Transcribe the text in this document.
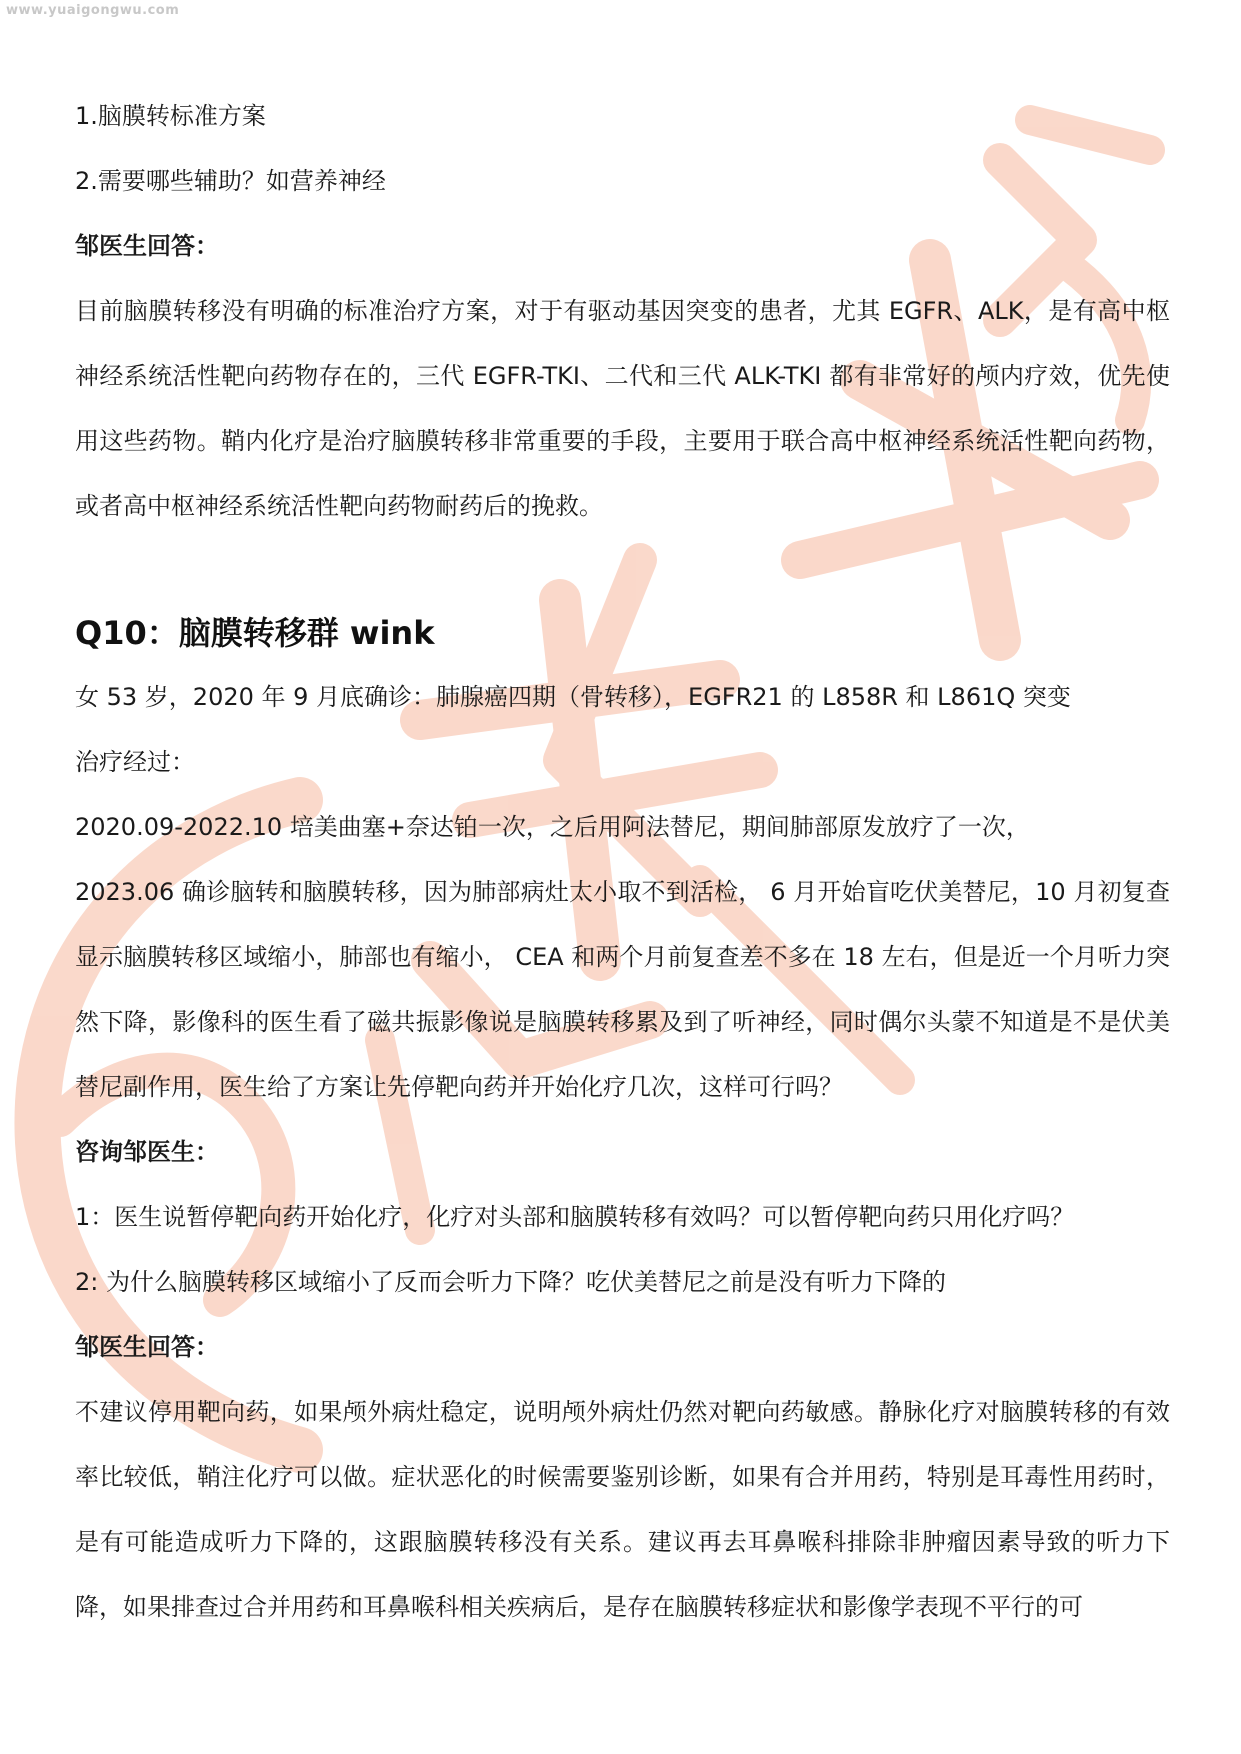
www.yuaigongwu.com
1.脑膜转标准方案
2.需要哪些辅助？如营养神经
邹医生回答：
目前脑膜转移没有明确的标准治疗方案，对于有驱动基因突变的患者，尤其 EGFR、ALK，是有高中枢神经系统活性靶向药物存在的，三代 EGFR-TKI、二代和三代 ALK-TKI 都有非常好的颅内疗效，优先使用这些药物。鞘内化疗是治疗脑膜转移非常重要的手段，主要用于联合高中枢神经系统活性靶向药物，或者高中枢神经系统活性靶向药物耐药后的挽救。
Q10：脑膜转移群 wink
女 53 岁，2020 年 9 月底确诊：肺腺癌四期（骨转移），EGFR21 的 L858R 和 L861Q 突变
治疗经过：
2020.09-2022.10 培美曲塞+奈达铂一次，之后用阿法替尼，期间肺部原发放疗了一次，
2023.06 确诊脑转和脑膜转移，因为肺部病灶太小取不到活检， 6 月开始盲吃伏美替尼，10 月初复查显示脑膜转移区域缩小，肺部也有缩小， CEA 和两个月前复查差不多在 18 左右，但是近一个月听力突然下降，影像科的医生看了磁共振影像说是脑膜转移累及到了听神经，同时偶尔头蒙不知道是不是伏美替尼副作用，医生给了方案让先停靶向药并开始化疗几次，这样可行吗？
咨询邹医生：
1：医生说暂停靶向药开始化疗，化疗对头部和脑膜转移有效吗？可以暂停靶向药只用化疗吗？
2: 为什么脑膜转移区域缩小了反而会听力下降？吃伏美替尼之前是没有听力下降的
邹医生回答：
不建议停用靶向药，如果颅外病灶稳定，说明颅外病灶仍然对靶向药敏感。静脉化疗对脑膜转移的有效率比较低，鞘注化疗可以做。症状恶化的时候需要鉴别诊断，如果有合并用药，特别是耳毒性用药时，是有可能造成听力下降的，这跟脑膜转移没有关系。建议再去耳鼻喉科排除非肿瘤因素导致的听力下降，如果排查过合并用药和耳鼻喉科相关疾病后，是存在脑膜转移症状和影像学表现不平行的可
